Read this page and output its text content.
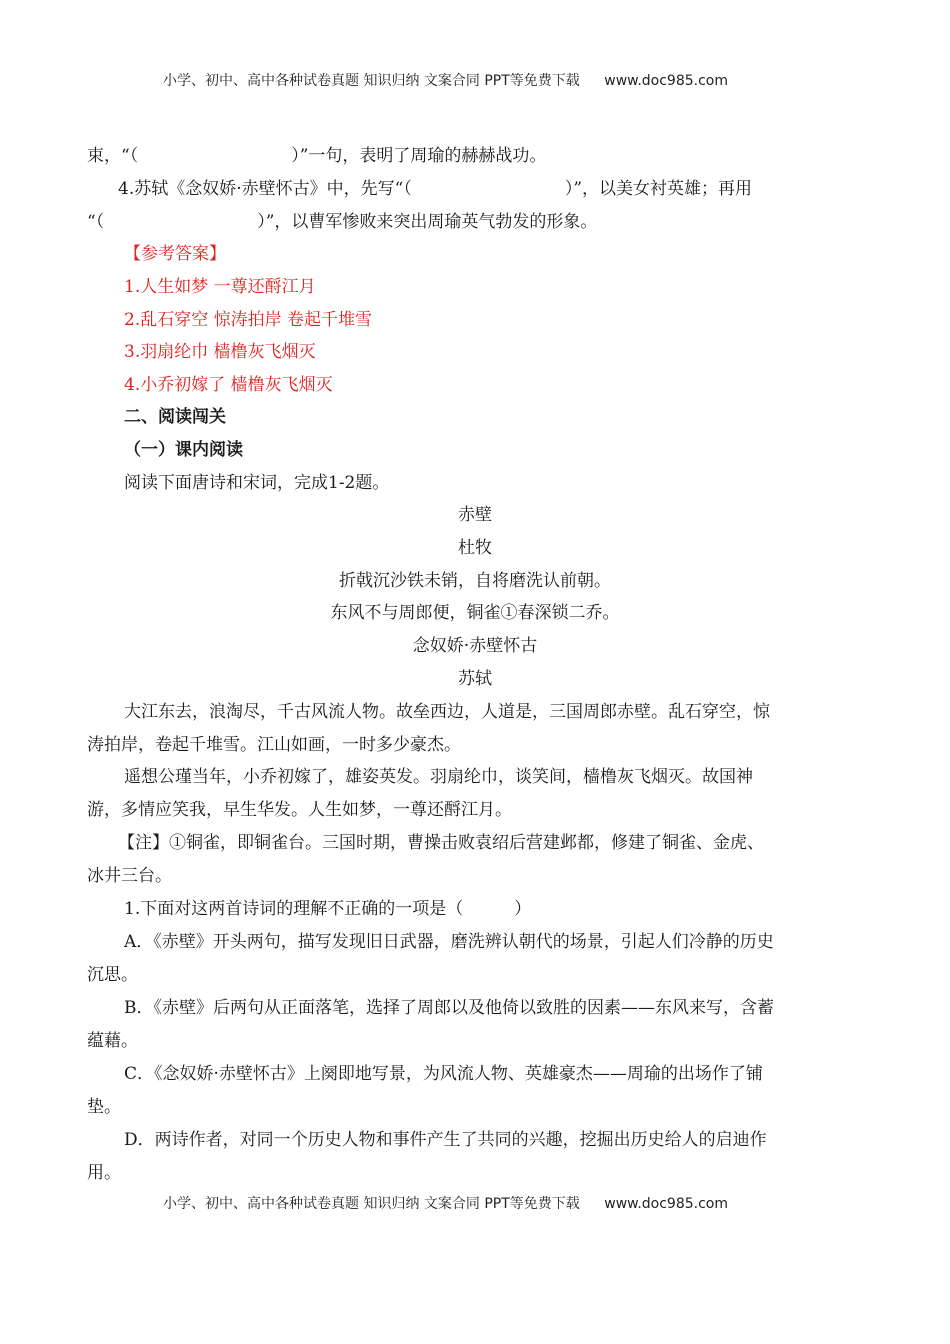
小学、初中、高中各种试卷真题 知识归纳 文案合同 PPT等免费下载 www.doc985.com
束，“（　　　　　　　　　）”一句，表明了周瑜的赫赫战功。
4.苏轼《念奴娇·赤壁怀古》中，先写“（　　　　　　　　　）”，以美女衬英雄；再用
“（　　　　　　　　　）”，以曹军惨败来突出周瑜英气勃发的形象。
【参考答案】
1.人生如梦 一尊还酹江月
2.乱石穿空 惊涛拍岸 卷起千堆雪
3.羽扇纶巾 樯橹灰飞烟灭
4.小乔初嫁了 樯橹灰飞烟灭
二、阅读闯关
（一）课内阅读
阅读下面唐诗和宋词，完成1-2题。
赤壁
杜牧
折戟沉沙铁未销，自将磨洗认前朝。
东风不与周郎便，铜雀①春深锁二乔。
念奴娇·赤壁怀古
苏轼
大江东去，浪淘尽，千古风流人物。故垒西边，人道是，三国周郎赤壁。乱石穿空，惊
涛拍岸，卷起千堆雪。江山如画，一时多少豪杰。
遥想公瑾当年，小乔初嫁了，雄姿英发。羽扇纶巾，谈笑间，樯橹灰飞烟灭。故国神
游，多情应笑我，早生华发。人生如梦，一尊还酹江月。
【注】①铜雀，即铜雀台。三国时期，曹操击败袁绍后营建邺都，修建了铜雀、金虎、
冰井三台。
1.下面对这两首诗词的理解不正确的一项是（　　　）
A．《赤壁》开头两句，描写发现旧日武器，磨洗辨认朝代的场景，引起人们冷静的历史
沉思。
B．《赤壁》后两句从正面落笔，选择了周郎以及他倚以致胜的因素——东风来写，含蓄
蕴藉。
C．《念奴娇·赤壁怀古》上阕即地写景，为风流人物、英雄豪杰——周瑜的出场作了铺
垫。
D．两诗作者，对同一个历史人物和事件产生了共同的兴趣，挖掘出历史给人的启迪作
用。
小学、初中、高中各种试卷真题 知识归纳 文案合同 PPT等免费下载 www.doc985.com
